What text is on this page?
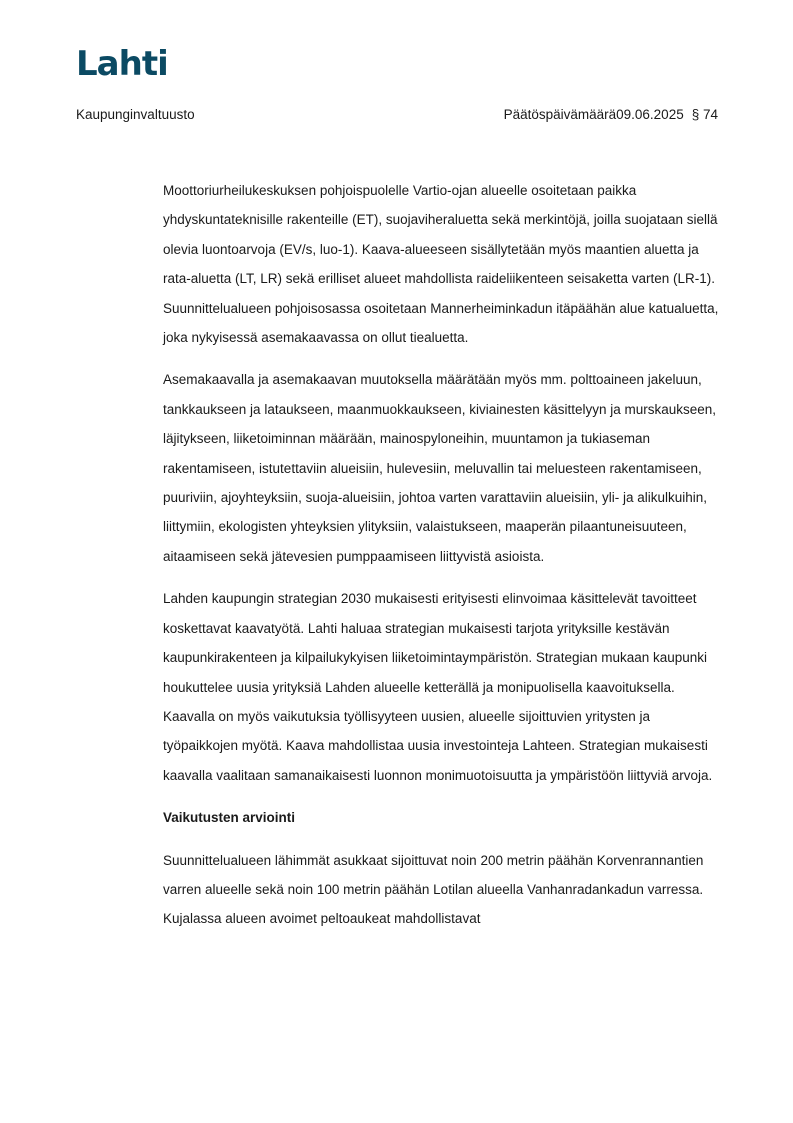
Lahti
Kaupunginvaltuusto	Päätöspäivämäärä09.06.2025 § 74

Moottoriurheilukeskuksen pohjoispuolelle Vartio-ojan alueelle osoitetaan paikka yhdyskuntateknisille rakenteille (ET), suojaviheraluetta sekä merkintöjä, joilla suojataan siellä olevia luontoarvoja (EV/s, luo-1). Kaava-alueeseen sisällytetään myös maantien aluetta ja rata-aluetta (LT, LR) sekä erilliset alueet mahdollista raideliikenteen seisaketta varten (LR-1). Suunnittelualueen pohjoisosassa osoitetaan Mannerheiminkadun itäpäähän alue katualuetta, joka nykyisessä asemakaavassa on ollut tiealuetta.

Asemakaavalla ja asemakaavan muutoksella määrätään myös mm. polttoaineen jakeluun, tankkaukseen ja lataukseen, maanmuokkaukseen, kiviainesten käsittelyyn ja murskaukseen, läjitykseen, liiketoiminnan määrään, mainospyloneihin, muuntamon ja tukiaseman rakentamiseen, istutettaviin alueisiin, hulevesiin, meluvallin tai meluesteen rakentamiseen, puuriviin, ajoyhteyksiin, suoja-alueisiin, johtoa varten varattaviin alueisiin, yli- ja alikulkuihin, liittymiin, ekologisten yhteyksien ylityksiin, valaistukseen, maaperän pilaantuneisuuteen, aitaamiseen sekä jätevesien pumppaamiseen liittyvistä asioista.

Lahden kaupungin strategian 2030 mukaisesti erityisesti elinvoimaa käsittelevät tavoitteet koskettavat kaavatyötä. Lahti haluaa strategian mukaisesti tarjota yrityksille kestävän kaupunkirakenteen ja kilpailukykyisen liiketoimintaympäristön. Strategian mukaan kaupunki houkuttelee uusia yrityksiä Lahden alueelle ketterällä ja monipuolisella kaavoituksella. Kaavalla on myös vaikutuksia työllisyyteen uusien, alueelle sijoittuvien yritysten ja työpaikkojen myötä. Kaava mahdollistaa uusia investointeja Lahteen. Strategian mukaisesti kaavalla vaalitaan samanaikaisesti luonnon monimuotoisuutta ja ympäristöön liittyviä arvoja.

Vaikutusten arviointi

Suunnittelualueen lähimmät asukkaat sijoittuvat noin 200 metrin päähän Korvenrannantien varren alueelle sekä noin 100 metrin päähän Lotilan alueella Vanhanradankadun varressa. Kujalassa alueen avoimet peltoaukeat mahdollistavat
